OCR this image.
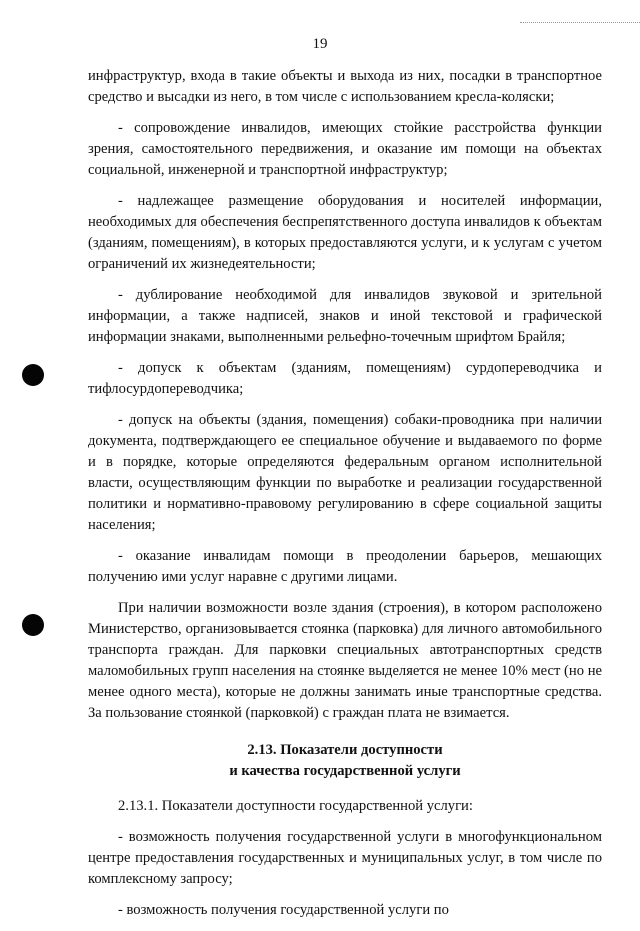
19

инфраструктур, входа в такие объекты и выхода из них, посадки в транспортное средство и высадки из него, в том числе с использованием кресла-коляски;

- сопровождение инвалидов, имеющих стойкие расстройства функции зрения, самостоятельного передвижения, и оказание им помощи на объектах социальной, инженерной и транспортной инфраструктур;

- надлежащее размещение оборудования и носителей информации, необходимых для обеспечения беспрепятственного доступа инвалидов к объектам (зданиям, помещениям), в которых предоставляются услуги, и к услугам с учетом ограничений их жизнедеятельности;

- дублирование необходимой для инвалидов звуковой и зрительной информации, а также надписей, знаков и иной текстовой и графической информации знаками, выполненными рельефно-точечным шрифтом Брайля;

- допуск к объектам (зданиям, помещениям) сурдопереводчика и тифлосурдопереводчика;

- допуск на объекты (здания, помещения) собаки-проводника при наличии документа, подтверждающего ее специальное обучение и выдаваемого по форме и в порядке, которые определяются федеральным органом исполнительной власти, осуществляющим функции по выработке и реализации государственной политики и нормативно-правовому регулированию в сфере социальной защиты населения;

- оказание инвалидам помощи в преодолении барьеров, мешающих получению ими услуг наравне с другими лицами.

При наличии возможности возле здания (строения), в котором расположено Министерство, организовывается стоянка (парковка) для личного автомобильного транспорта граждан. Для парковки специальных автотранспортных средств маломобильных групп населения на стоянке выделяется не менее 10% мест (но не менее одного места), которые не должны занимать иные транспортные средства. За пользование стоянкой (парковкой) с граждан плата не взимается.

2.13. Показатели доступности
и качества государственной услуги

2.13.1. Показатели доступности государственной услуги:

- возможность получения государственной услуги в многофункциональном центре предоставления государственных и муниципальных услуг, в том числе по комплексному запросу;

- возможность получения государственной услуги по
